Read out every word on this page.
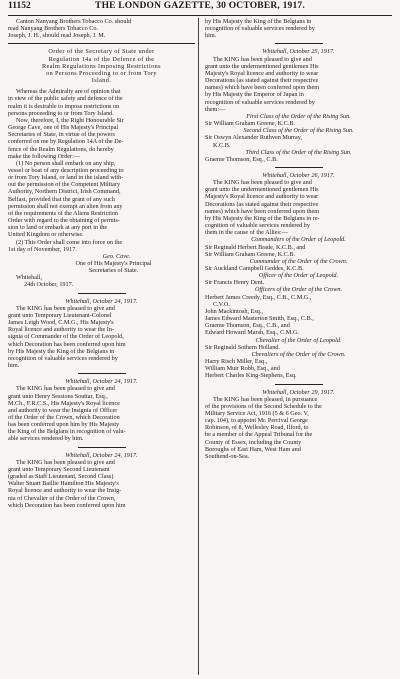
11152	THE LONDON GAZETTE, 30 OCTOBER, 1917.

Canton Nanyang Brothers Tobacco Co. should

read Nanyang Brothers Tobacco Co.

Joseph, J. H., should read Joseph, J. M.

Order of the Secretary of State under

Regulation 14a of the Defence of the

Realm Regulations Imposing Restrictions

on Persons Proceeding to or from Tory

Island.

Whereas the Admiralty are of opinion that

in view of the public safety and defence of the

realm it is desirable to impose restrictions on

persons proceeding to or from Tory Island.

Now, therefore, I, the Right Honourable Sir

George Cave, one of His Majesty's Principal

Secretaries of State, in virtue of the powers

conferred on me by Regulation 14A of the De-

fence of the Realm Regulations, do hereby

make the following Order:—

(1) No person shall embark on any ship,

vessel or boat of any description proceeding to

or from Tory Island, or land in the island with-

out the permission of the Competent Military

Authority, Northern District, Irish Command,

Belfast, provided that the grant of any such

permission shall not exempt an alien from any

of the requirements of the Aliens Restriction

Order with regard to the obtaining of permis-

sion to land or embark at any port in the

United Kingdom or otherwise.

(2) This Order shall come into force on the

1st day of November, 1917.

Geo. Cave.

One of His Majesty's Principal

Secretaries of State.

Whitehall,

24th October, 1917.

Whitehall, October 24, 1917.

The KING has been pleased to give and

grant unto Temporary Lieutenant-Colonel

James Leigh Wood, C.M.G., His Majesty's

Royal licence and authority to wear the In-

signia of Commander of the Order of Leopold,

which Decoration has been conferred upon him

by His Majesty the King of the Belgians in

recognition of valuable services rendered by

him.

Whitehall, October 24, 1917.

The KING has been pleased to give and

grant unto Henry Sessions Souttar, Esq.,

M.Ch., F.R.C.S., His Majesty's Royal licence

and authority to wear the Insignia of Officer

of the Order of the Crown, which Decoration

has been conferred upon him by His Majesty

the King of the Belgians in recognition of valu-

able services rendered by him.

Whitehall, October 24, 1917.

The KING has been pleased to give and

grant unto Temporary Second Lieutenant

(graded as Staff Lieutenant, Second Class)

Walter Stuart Baillie Hamilton His Majesty's

Royal licence and authority to wear the Insig-

nia of Chevalier of the Order of the Crown,

which Decoration has been conferred upon him

by His Majesty the King of the Belgians in

recognition of valuable services rendered by

him.

Whitehall, October 25, 1917.

The KING has been pleased to give and

grant unto the undermentioned gentlemen His

Majesty's Royal licence and authority to wear

Decorations (as stated against their respective

names) which have been conferred upon them

by His Majesty the Emperor of Japan in

recognition of valuable services rendered by

them:—

First Class of the Order of the Rising Sun.

Sir William Graham Greene, K.C.B.

Second Class of the Order of the Rising Sun.

Sir Oswyn Alexander Ruthven Murray,

K.C.B.

Third Class of the Order of the Rising Sun.

Graeme Thomson, Esq., C.B.

Whitehall, October 26, 1917.

The KING has been pleased to give and

grant unto the undermentioned gentlemen His

Majesty's Royal licence and authority to wear

Decorations (as stated against their respective

names) which have been conferred upon them

by His Majesty the King of the Belgians in re-

cognition of valuable services rendered by

them in the cause of the Allies:—

Commanders of the Order of Leopold.

Sir Reginald Herbert Brade, K.C.B., and

Sir William Graham Greene, K.C.B.

Commander of the Order of the Crown.

Sir Auckland Campbell Geddes, K.C.B.

Officer of the Order of Leopold.

Sir Francis Henry Dent.

Officers of the Order of the Crown.

Herbert James Creedy, Esq., C.B., C.M.G.,

C.V.O.

John Mackintosh, Esq.,

James Edward Masterton Smith, Esq., C.B.,

Graeme Thomson, Esq., C.B., and

Edward Howard Marsh, Esq., C.M.G.

Chevalier of the Order of Leopold.

Sir Reginald Sothern Holland.

Chevaliers of the Order of the Crown.

Harry Risch Miller, Esq.,

William Muir Robb, Esq., and

Herbert Charles King-Stephens, Esq.

Whitehall, October 29, 1917.

The KING has been pleased, in pursuance

of the provisions of the Second Schedule to the

Military Service Act, 1916 (5 & 6 Geo. V,

cap. 104), to appoint Mr. Percival George

Robinson, of 8, Wellesley Road, Ilford, to

be a member of the Appeal Tribunal for the

County of Essex, including the County

Boroughs of East Ham, West Ham and

Southend-on-Sea.
